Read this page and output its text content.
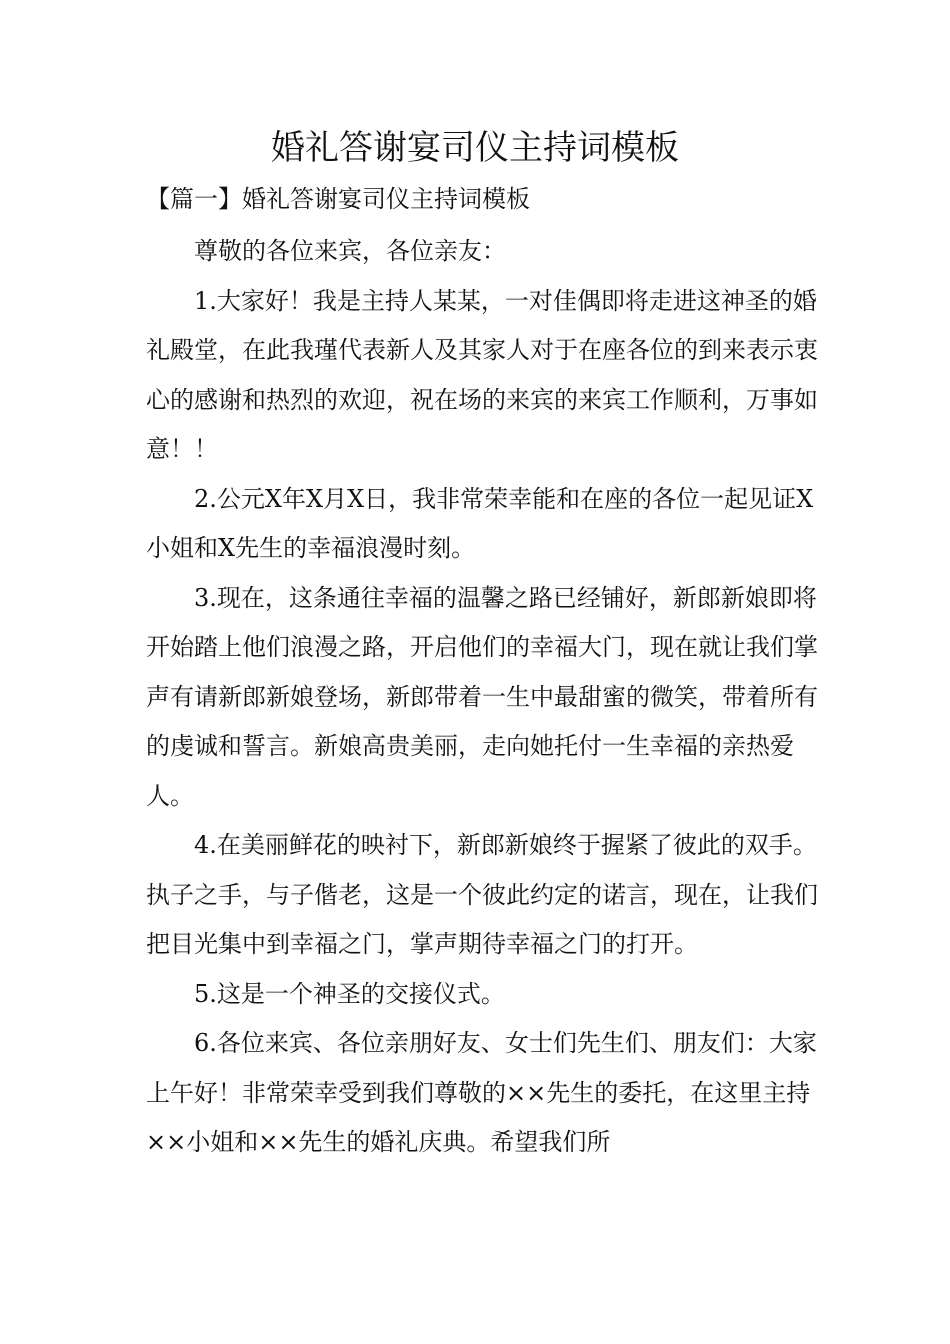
婚礼答谢宴司仪主持词模板
【篇一】婚礼答谢宴司仪主持词模板

尊敬的各位来宾，各位亲友：

1.大家好！我是主持人某某，一对佳偶即将走进这神圣的婚礼殿堂，在此我瑾代表新人及其家人对于在座各位的到来表示衷心的感谢和热烈的欢迎，祝在场的来宾的来宾工作顺利，万事如意！！

2.公元X年X月X日，我非常荣幸能和在座的各位一起见证X小姐和X先生的幸福浪漫时刻。

3.现在，这条通往幸福的温馨之路已经铺好，新郎新娘即将开始踏上他们浪漫之路，开启他们的幸福大门，现在就让我们掌声有请新郎新娘登场，新郎带着一生中最甜蜜的微笑，带着所有的虔诚和誓言。新娘高贵美丽，走向她托付一生幸福的亲热爱人。

4.在美丽鲜花的映衬下，新郎新娘终于握紧了彼此的双手。执子之手，与子偕老，这是一个彼此约定的诺言，现在，让我们把目光集中到幸福之门，掌声期待幸福之门的打开。

5.这是一个神圣的交接仪式。

6.各位来宾、各位亲朋好友、女士们先生们、朋友们：大家上午好！非常荣幸受到我们尊敬的××先生的委托，在这里主持××小姐和××先生的婚礼庆典。希望我们所
